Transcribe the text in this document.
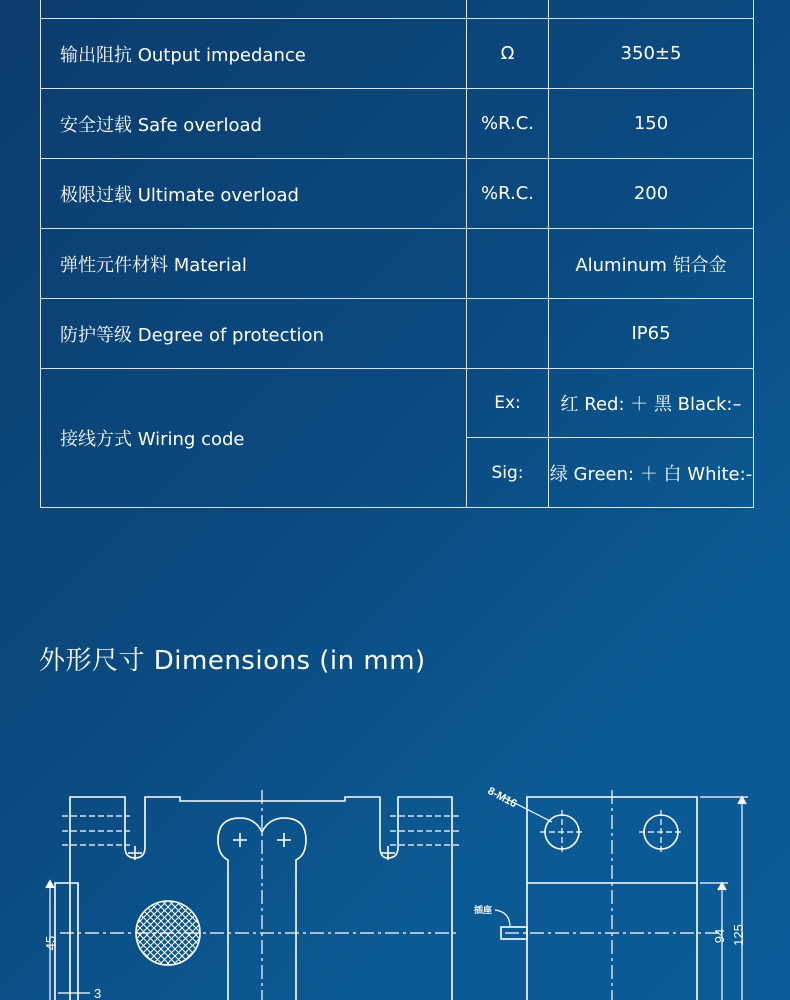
输出阻抗 Output impedance	Ω	350±5
安全过载 Safe overload	%R.C.	150
极限过载 Ultimate overload	%R.C.	200
弹性元件材料 Material		Aluminum 铝合金
防护等级 Degree of protection		IP65
接线方式 Wiring code	Ex:	红 Red: ＋ 黑 Black:–
	Sig:	绿 Green: ＋ 白 White:-
外形尺寸 Dimensions (in mm)
45
3
8-M16
插座
94 125
